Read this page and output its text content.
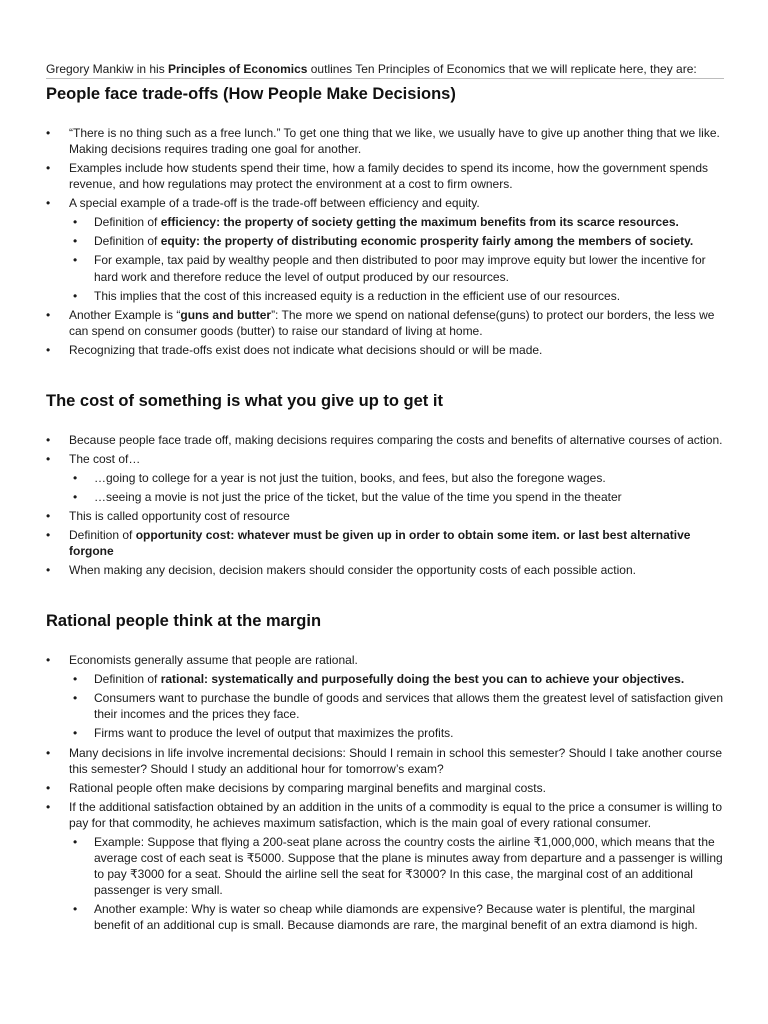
Gregory Mankiw in his Principles of Economics outlines Ten Principles of Economics that we will replicate here, they are:

People face trade-offs (How People Make Decisions)
• “There is no thing such as a free lunch.” To get one thing that we like, we usually have to give up another thing that we like. Making decisions requires trading one goal for another.
• Examples include how students spend their time, how a family decides to spend its income, how the government spends revenue, and how regulations may protect the environment at a cost to firm owners.
• A special example of a trade-off is the trade-off between efficiency and equity.
• Definition of efficiency: the property of society getting the maximum benefits from its scarce resources.
• Definition of equity: the property of distributing economic prosperity fairly among the members of society.
• For example, tax paid by wealthy people and then distributed to poor may improve equity but lower the incentive for hard work and therefore reduce the level of output produced by our resources.
• This implies that the cost of this increased equity is a reduction in the efficient use of our resources.
• Another Example is “guns and butter”: The more we spend on national defense(guns) to protect our borders, the less we can spend on consumer goods (butter) to raise our standard of living at home.
• Recognizing that trade-offs exist does not indicate what decisions should or will be made.
The cost of something is what you give up to get it
• Because people face trade off, making decisions requires comparing the costs and benefits of alternative courses of action.
• The cost of…
• …going to college for a year is not just the tuition, books, and fees, but also the foregone wages.
• …seeing a movie is not just the price of the ticket, but the value of the time you spend in the theater
• This is called opportunity cost of resource
• Definition of opportunity cost: whatever must be given up in order to obtain some item. or last best alternative forgone
• When making any decision, decision makers should consider the opportunity costs of each possible action.
Rational people think at the margin
• Economists generally assume that people are rational.
• Definition of rational: systematically and purposefully doing the best you can to achieve your objectives.
• Consumers want to purchase the bundle of goods and services that allows them the greatest level of satisfaction given their incomes and the prices they face.
• Firms want to produce the level of output that maximizes the profits.
• Many decisions in life involve incremental decisions: Should I remain in school this semester? Should I take another course this semester? Should I study an additional hour for tomorrow’s exam?
• Rational people often make decisions by comparing marginal benefits and marginal costs.
• If the additional satisfaction obtained by an addition in the units of a commodity is equal to the price a consumer is willing to pay for that commodity, he achieves maximum satisfaction, which is the main goal of every rational consumer.
• Example: Suppose that flying a 200-seat plane across the country costs the airline ₹1,000,000, which means that the average cost of each seat is ₹5000. Suppose that the plane is minutes away from departure and a passenger is willing to pay ₹3000 for a seat. Should the airline sell the seat for ₹3000? In this case, the marginal cost of an additional passenger is very small.
• Another example: Why is water so cheap while diamonds are expensive? Because water is plentiful, the marginal benefit of an additional cup is small. Because diamonds are rare, the marginal benefit of an extra diamond is high.
